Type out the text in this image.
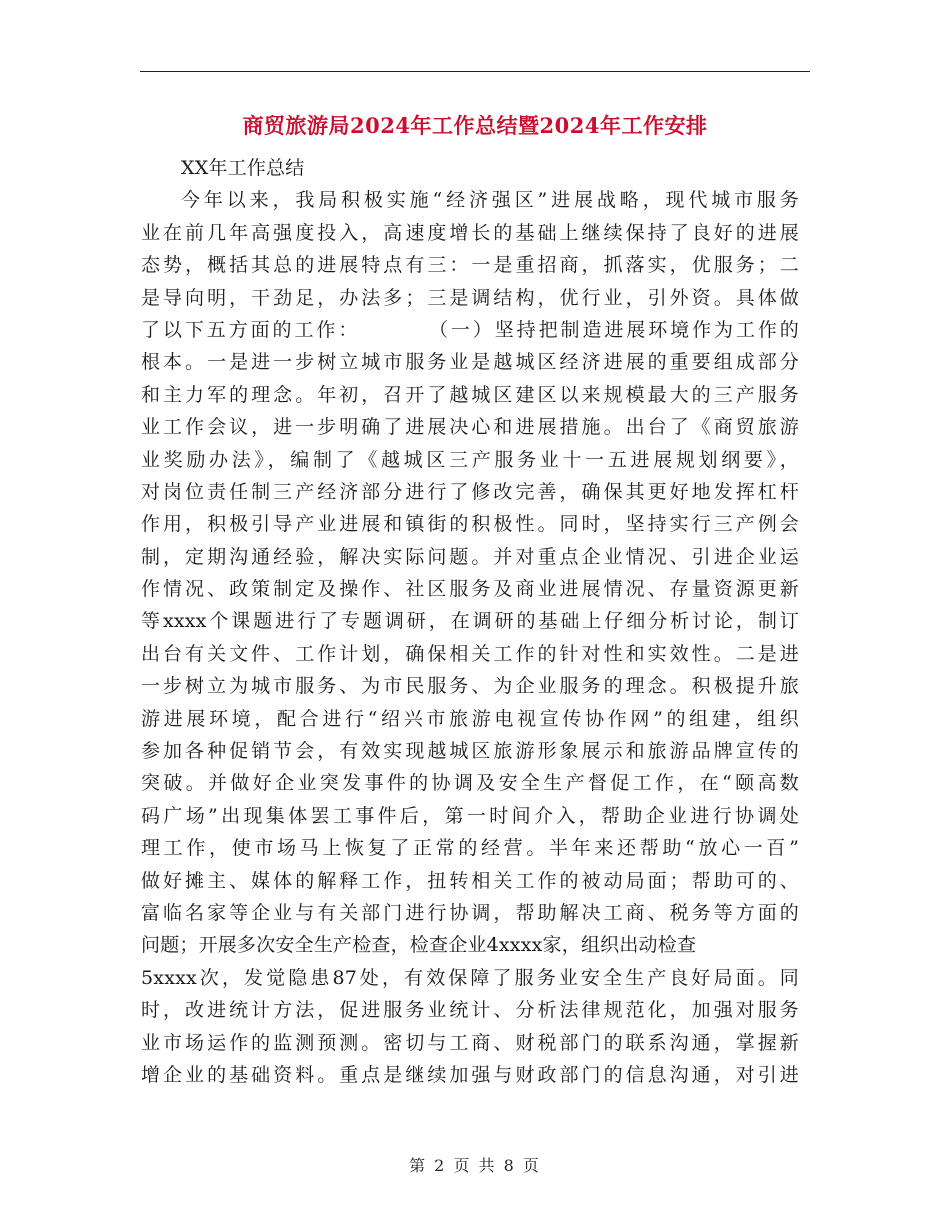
商贸旅游局2024年工作总结暨2024年工作安排
XX年工作总结
今年以来，我局积极实施“经济强区”进展战略，现代城市服务
业在前几年高强度投入，高速度增长的基础上继续保持了良好的进展
态势，概括其总的进展特点有三：一是重招商，抓落实，优服务；二
是导向明，干劲足，办法多；三是调结构，优行业，引外资。具体做
了以下五方面的工作：　　　　（一）坚持把制造进展环境作为工作的
根本。一是进一步树立城市服务业是越城区经济进展的重要组成部分
和主力军的理念。年初，召开了越城区建区以来规模最大的三产服务
业工作会议，进一步明确了进展决心和进展措施。出台了《商贸旅游
业奖励办法》，编制了《越城区三产服务业十一五进展规划纲要》，
对岗位责任制三产经济部分进行了修改完善，确保其更好地发挥杠杆
作用，积极引导产业进展和镇街的积极性。同时，坚持实行三产例会
制，定期沟通经验，解决实际问题。并对重点企业情况、引进企业运
作情况、政策制定及操作、社区服务及商业进展情况、存量资源更新
等xxxx个课题进行了专题调研，在调研的基础上仔细分析讨论，制订
出台有关文件、工作计划，确保相关工作的针对性和实效性。二是进
一步树立为城市服务、为市民服务、为企业服务的理念。积极提升旅
游进展环境，配合进行“绍兴市旅游电视宣传协作网”的组建，组织
参加各种促销节会，有效实现越城区旅游形象展示和旅游品牌宣传的
突破。并做好企业突发事件的协调及安全生产督促工作，在“颐高数
码广场”出现集体罢工事件后，第一时间介入，帮助企业进行协调处
理工作，使市场马上恢复了正常的经营。半年来还帮助“放心一百”
做好摊主、媒体的解释工作，扭转相关工作的被动局面；帮助可的、
富临名家等企业与有关部门进行协调，帮助解决工商、税务等方面的
问题；开展多次安全生产检查，检查企业4xxxx家，组织出动检查
5xxxx次，发觉隐患87处，有效保障了服务业安全生产良好局面。同
时，改进统计方法，促进服务业统计、分析法律规范化，加强对服务
业市场运作的监测预测。密切与工商、财税部门的联系沟通，掌握新
增企业的基础资料。重点是继续加强与财政部门的信息沟通，对引进
第 2 页 共 8 页
